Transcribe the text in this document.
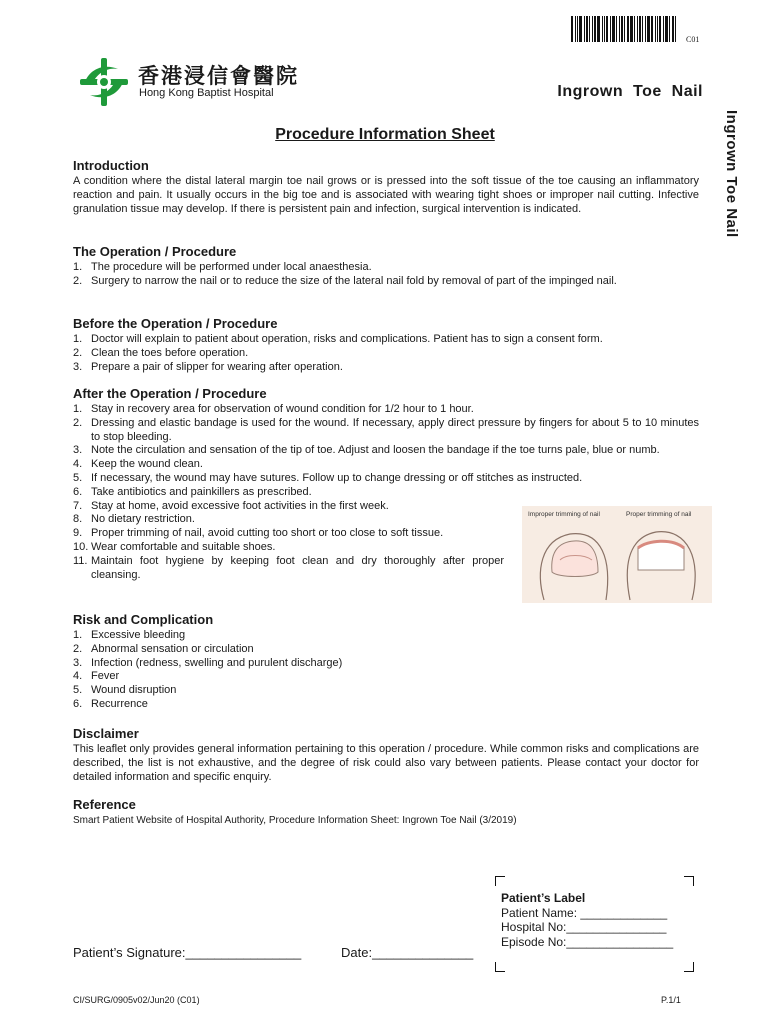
C01
香港浸信會醫院
Hong Kong Baptist Hospital	Ingrown  Toe  Nail
Ingrown Toe Nail
Procedure Information Sheet
Introduction

A condition where the distal lateral margin toe nail grows or is pressed into the soft tissue of the toe causing an inflammatory reaction and pain. It usually occurs in the big toe and is associated with wearing tight shoes or improper nail cutting. Infective granulation tissue may develop. If there is persistent pain and infection, surgical intervention is indicated.

The Operation / Procedure
1. The procedure will be performed under local anaesthesia.
2. Surgery to narrow the nail or to reduce the size of the lateral nail fold by removal of part of the impinged nail.
Before the Operation / Procedure
1. Doctor will explain to patient about operation, risks and complications. Patient has to sign a consent form.
2. Clean the toes before operation.
3. Prepare a pair of slipper for wearing after operation.
After the Operation / Procedure
1. Stay in recovery area for observation of wound condition for 1/2 hour to 1 hour.
2. Dressing and elastic bandage is used for the wound. If necessary, apply direct pressure by fingers for about 5 to 10 minutes to stop bleeding.
3. Note the circulation and sensation of the tip of toe. Adjust and loosen the bandage if the toe turns pale, blue or numb.
4. Keep the wound clean.
5. If necessary, the wound may have sutures. Follow up to change dressing or off stitches as instructed.
6. Take antibiotics and painkillers as prescribed.
7. Stay at home, avoid excessive foot activities in the first week.
8. No dietary restriction.
9. Proper trimming of nail, avoid cutting too short or too close to soft tissue.
10. Wear comfortable and suitable shoes.
11. Maintain foot hygiene by keeping foot clean and dry thoroughly after proper cleansing.
Improper trimming of nail	Proper trimming of nail
Risk and Complication
1. Excessive bleeding
2. Abnormal sensation or circulation
3. Infection (redness, swelling and purulent discharge)
4. Fever
5. Wound disruption
6. Recurrence
Disclaimer

This leaflet only provides general information pertaining to this operation / procedure. While common risks and complications are described, the list is not exhaustive, and the degree of risk could also vary between patients. Please contact your doctor for detailed information and specific enquiry.

Reference

Smart Patient Website of Hospital Authority, Procedure Information Sheet: Ingrown Toe Nail (3/2019)

Patient’s Signature:________________	Date:______________
Patient’s Label
Patient Name: _____________
Hospital No:_______________
Episode No:________________
CI/SURG/0905v02/Jun20 (C01)	P.1/1
